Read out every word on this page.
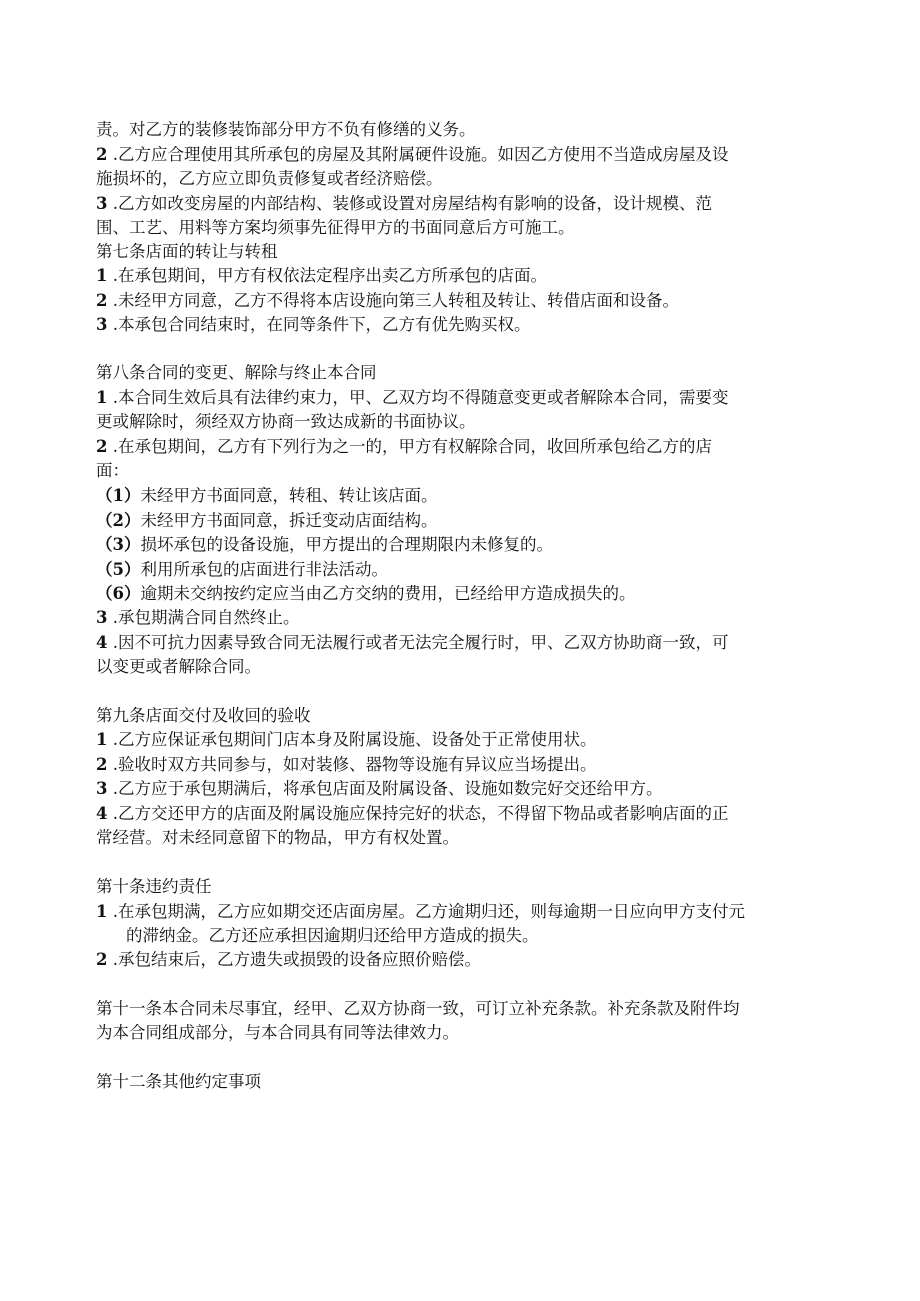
责。对乙方的装修装饰部分甲方不负有修缮的义务。
2 .乙方应合理使用其所承包的房屋及其附属硬件设施。如因乙方使用不当造成房屋及设
施损坏的，乙方应立即负责修复或者经济赔偿。
3 .乙方如改变房屋的内部结构、装修或设置对房屋结构有影响的设备，设计规模、范
围、工艺、用料等方案均须事先征得甲方的书面同意后方可施工。
第七条店面的转让与转租
1 .在承包期间，甲方有权依法定程序出卖乙方所承包的店面。
2 .未经甲方同意，乙方不得将本店设施向第三人转租及转让、转借店面和设备。
3 .本承包合同结束时，在同等条件下，乙方有优先购买权。
第八条合同的变更、解除与终止本合同
1 .本合同生效后具有法律约束力，甲、乙双方均不得随意变更或者解除本合同，需要变
更或解除时，须经双方协商一致达成新的书面协议。
2 .在承包期间，乙方有下列行为之一的，甲方有权解除合同，收回所承包给乙方的店
面：
（1）未经甲方书面同意，转租、转让该店面。
（2）未经甲方书面同意，拆迁变动店面结构。
（3）损坏承包的设备设施，甲方提出的合理期限内未修复的。
（5）利用所承包的店面进行非法活动。
（6）逾期未交纳按约定应当由乙方交纳的费用，已经给甲方造成损失的。
3 .承包期满合同自然终止。
4 .因不可抗力因素导致合同无法履行或者无法完全履行时，甲、乙双方协助商一致，可
以变更或者解除合同。
第九条店面交付及收回的验收
1 .乙方应保证承包期间门店本身及附属设施、设备处于正常使用状。
2 .验收时双方共同参与，如对装修、器物等设施有异议应当场提出。
3 .乙方应于承包期满后，将承包店面及附属设备、设施如数完好交还给甲方。
4 .乙方交还甲方的店面及附属设施应保持完好的状态，不得留下物品或者影响店面的正
常经营。对未经同意留下的物品，甲方有权处置。
第十条违约责任
1 .在承包期满，乙方应如期交还店面房屋。乙方逾期归还，则每逾期一日应向甲方支付元
的滞纳金。乙方还应承担因逾期归还给甲方造成的损失。
2 .承包结束后，乙方遗失或损毁的设备应照价赔偿。
第十一条本合同未尽事宜，经甲、乙双方协商一致，可订立补充条款。补充条款及附件均
为本合同组成部分，与本合同具有同等法律效力。
第十二条其他约定事项
